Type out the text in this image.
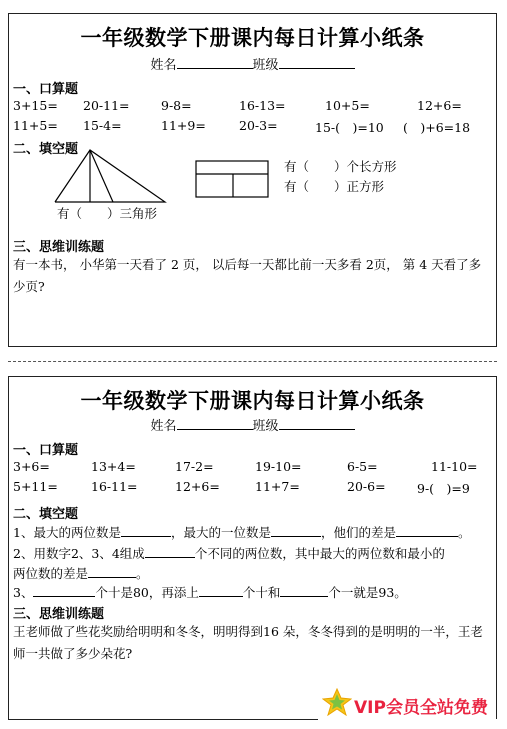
一年级数学下册课内每日计算小纸条
姓名	班级
一、口算题
3+15= 20-11=	9-8=	16-13=	10+5=	12+6=
11+5= 15-4=	11+9=	20-3=	15-(　)=10 (　)+6=18
二、填空题
有（　　）三角形
有（　　）个长方形
有（　　）正方形
三、思维训练题
有一本书， 小华第一天看了 2 页， 以后每一天都比前一天多看 2页， 第 4 天看了多少页?
一年级数学下册课内每日计算小纸条
姓名	班级
一、口算题
3+6=	13+4=	17-2=	19-10=	6-5=	11-10=
5+11=	16-11=	12+6=	11+7=	20-6=	9-(　)=9
二、填空题
1、最大的两位数是	，最大的一位数是	，他们的差是	。
2、用数字2、3、4组成	个不同的两位数，其中最大的两位数和最小的
两位数的差是	。
3、	个十是80，再添上	个十和	个一就是93。
三、思维训练题
王老师做了些花奖励给明明和冬冬，明明得到16 朵，冬冬得到的是明明的一半，王老师一共做了多少朵花?
VIP会员全站免费
